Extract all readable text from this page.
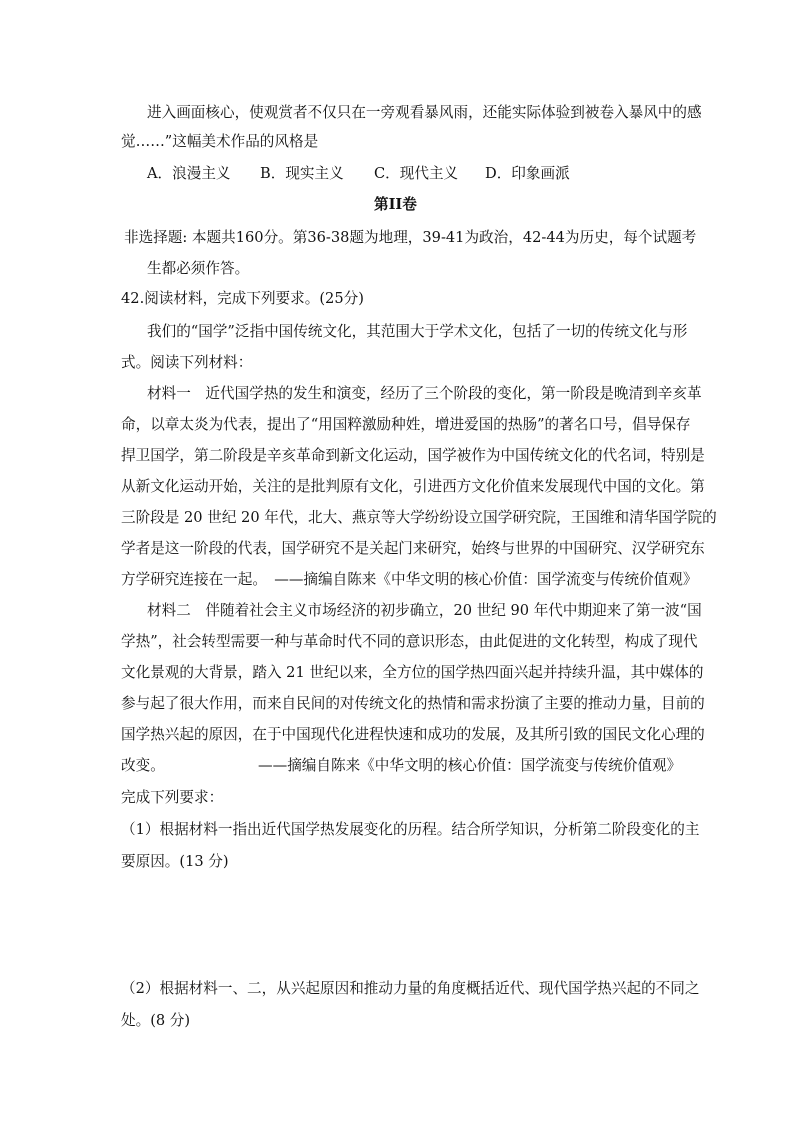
进入画面核心，使观赏者不仅只在一旁观看暴风雨，还能实际体验到被卷入暴风中的感
觉……”这幅美术作品的风格是
A．浪漫主义 B．现实主义 C．现代主义 D．印象画派
第II卷
非选择题: 本题共160分。第36-38题为地理，39-41为政治，42-44为历史，每个试题考
生都必须作答。
42.阅读材料，完成下列要求。(25分)
我们的“国学”泛指中国传统文化，其范围大于学术文化，包括了一切的传统文化与形
式。阅读下列材料：
材料一　近代国学热的发生和演变，经历了三个阶段的变化，第一阶段是晚清到辛亥革
命，以章太炎为代表，提出了“用国粹激励种姓，增进爱国的热肠”的著名口号，倡导保存
捍卫国学，第二阶段是辛亥革命到新文化运动，国学被作为中国传统文化的代名词，特别是
从新文化运动开始，关注的是批判原有文化，引进西方文化价值来发展现代中国的文化。第
三阶段是 20 世纪 20 年代，北大、燕京等大学纷纷设立国学研究院，王国维和清华国学院的
学者是这一阶段的代表，国学研究不是关起门来研究，始终与世界的中国研究、汉学研究东
方学研究连接在一起。　——摘编自陈来《中华文明的核心价值：国学流变与传统价值观》
材料二　伴随着社会主义市场经济的初步确立，20 世纪 90 年代中期迎来了第一波“国
学热”，社会转型需要一种与革命时代不同的意识形态，由此促进的文化转型，构成了现代
文化景观的大背景，踏入 21 世纪以来，全方位的国学热四面兴起并持续升温，其中媒体的
参与起了很大作用，而来自民间的对传统文化的热情和需求扮演了主要的推动力量，目前的
国学热兴起的原因，在于中国现代化进程快速和成功的发展，及其所引致的国民文化心理的
改变。	——摘编自陈来《中华文明的核心价值：国学流变与传统价值观》
完成下列要求：
（1）根据材料一指出近代国学热发展变化的历程。结合所学知识，分析第二阶段变化的主
要原因。(13 分)
（2）根据材料一、二，从兴起原因和推动力量的角度概括近代、现代国学热兴起的不同之
处。(8 分)
